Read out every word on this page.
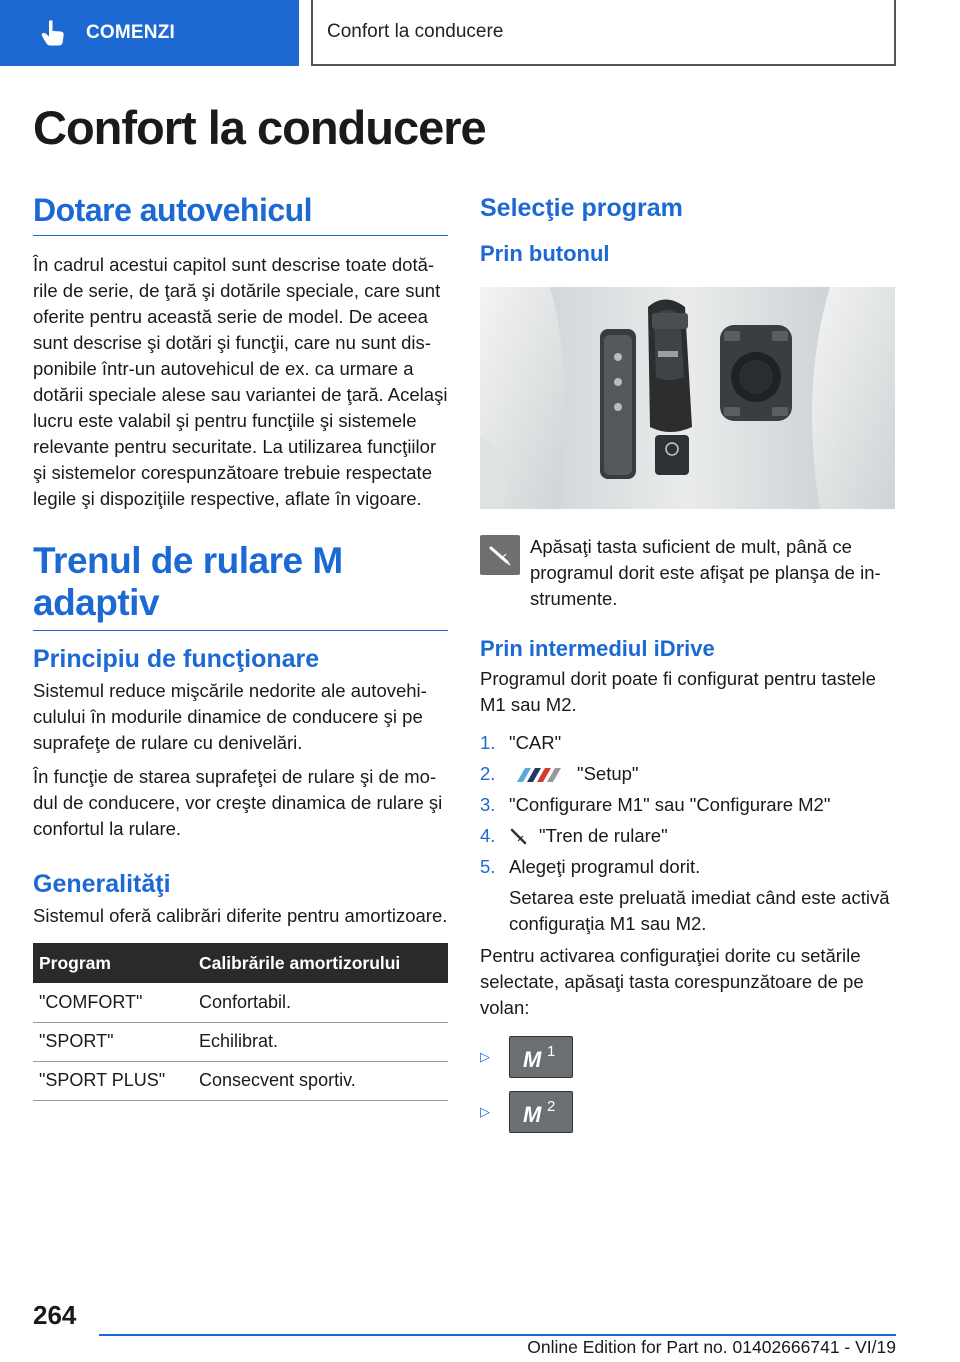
COMENZI	Confort la conducere
Confort la conducere
Dotare autovehicul

În cadrul acestui capitol sunt descrise toate dotările de serie, de ţară şi dotările speciale, care sunt oferite pentru această serie de model. De aceea sunt descrise şi dotări şi funcţii, care nu sunt disponibile într-un autovehicul de ex. ca urmare a dotării speciale alese sau variantei de ţară. Acelaşi lucru este valabil şi pentru funcţiile şi sistemele relevante pentru securitate. La utilizarea funcţiilor şi sistemelor corespunzătoare trebuie respectate legile şi dispoziţiile respective, aflate în vigoare.

Trenul de rulare M adaptiv
Principiu de funcţionare

Sistemul reduce mişcările nedorite ale autovehiculului în modurile dinamice de conducere şi pe suprafeţe de rulare cu denivelări.

În funcţie de starea suprafeţei de rulare şi de modul de conducere, vor creşte dinamica de rulare şi confortul la rulare.

Generalităţi

Sistemul oferă calibrări diferite pentru amortizoare.

Program	Calibrările amortizorului
"COMFORT"	Confortabil.
"SPORT"	Echilibrat.
"SPORT PLUS"	Consecvent sportiv.
Selecţie program
Prin butonul

Apăsaţi tasta suficient de mult, până ce programul dorit este afişat pe planşa de instrumente.

Prin intermediul iDrive

Programul dorit poate fi configurat pentru tastele M1 sau M2.

1. "CAR"
2.	"Setup"
3. "Configurare M1" sau "Configurare M2"
4.	"Tren de rulare"
5. Alegeţi programul dorit.
Setarea este preluată imediat când este activă configuraţia M1 sau M2.

Pentru activarea configuraţiei dorite cu setările selectate, apăsaţi tasta corespunzătoare de pe volan:

▷	M 1
▷	M 2
264
Online Edition for Part no. 01402666741 - VI/19
